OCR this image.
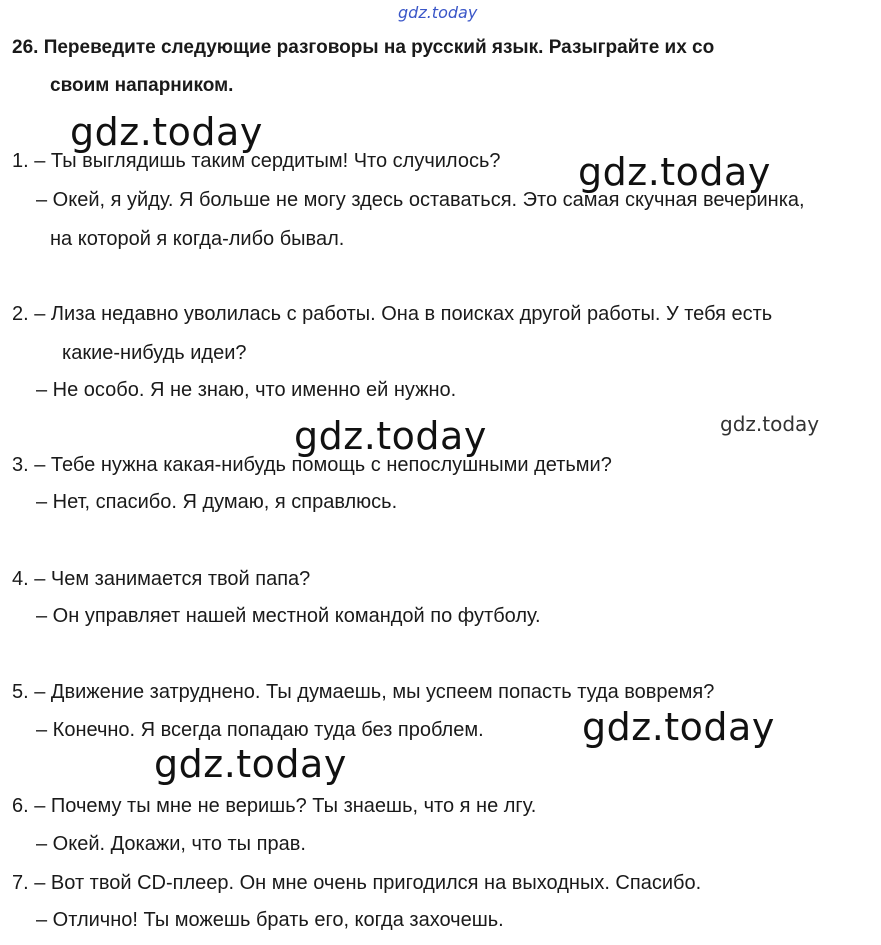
gdz.today
gdz.today
gdz.today
gdz.today
gdz.today
gdz.today
gdz.today
26. Переведите следующие разговоры на русский язык. Разыграйте их со
своим напарником.
1. – Ты выглядишь таким сердитым! Что случилось?
– Окей, я уйду. Я больше не могу здесь оставаться. Это самая скучная вечеринка,
на которой я когда-либо бывал.
2. – Лиза недавно уволилась с работы. Она в поисках другой работы. У тебя есть
какие-нибудь идеи?
– Не особо. Я не знаю, что именно ей нужно.
3. – Тебе нужна какая-нибудь помощь с непослушными детьми?
– Нет, спасибо. Я думаю, я справлюсь.
4. – Чем занимается твой папа?
– Он управляет нашей местной командой по футболу.
5. – Движение затруднено. Ты думаешь, мы успеем попасть туда вовремя?
– Конечно. Я всегда попадаю туда без проблем.
6. – Почему ты мне не веришь? Ты знаешь, что я не лгу.
– Окей. Докажи, что ты прав.
7. – Вот твой CD-плеер. Он мне очень пригодился на выходных. Спасибо.
– Отлично! Ты можешь брать его, когда захочешь.
